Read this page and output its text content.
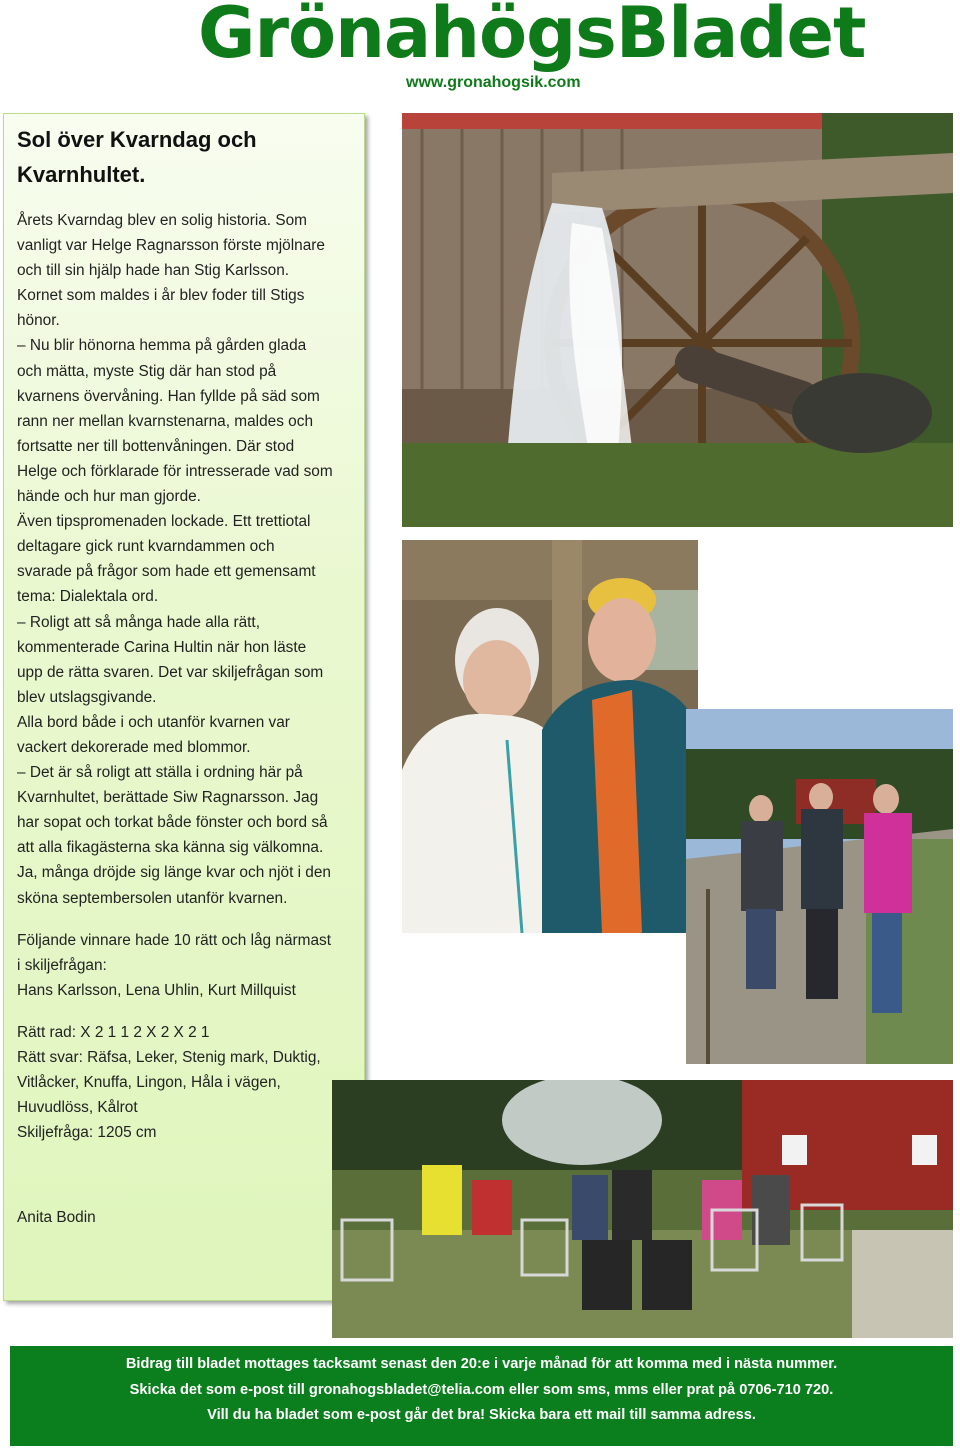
GrönahögsBladet
www.gronahogsik.com
Sol över Kvarndag och
Kvarnhultet.

Årets Kvarndag blev en solig historia. Som

vanligt var Helge Ragnarsson förste mjölnare

och till sin hjälp hade han Stig Karlsson.

Kornet som maldes i år blev foder till Stigs

hönor.

– Nu blir hönorna hemma på gården glada

och mätta, myste Stig där han stod på

kvarnens övervåning. Han fyllde på säd som

rann ner mellan kvarnstenarna, maldes och

fortsatte ner till bottenvåningen. Där stod

Helge och förklarade för intresserade vad som

hände och hur man gjorde.

Även tipspromenaden lockade. Ett trettiotal

deltagare gick runt kvarndammen och

svarade på frågor som hade ett gemensamt

tema: Dialektala ord.

– Roligt att så många hade alla rätt,

kommenterade Carina Hultin när hon läste

upp de rätta svaren. Det var skiljefrågan som

blev utslagsgivande.

Alla bord både i och utanför kvarnen var

vackert dekorerade med blommor.

– Det är så roligt att ställa i ordning här på

Kvarnhultet, berättade Siw Ragnarsson. Jag

har sopat och torkat både fönster och bord så

att alla fikagästerna ska känna sig välkomna.

Ja, många dröjde sig länge kvar och njöt i den

sköna septembersolen utanför kvarnen.

Följande vinnare hade 10 rätt och låg närmast

i skiljefrågan:

Hans Karlsson, Lena Uhlin, Kurt Millquist

Rätt rad: X 2 1 1 2 X 2 X 2 1

Rätt svar: Räfsa, Leker, Stenig mark, Duktig,

Vitlåcker, Knuffa, Lingon, Håla i vägen,

Huvudlöss, Kålrot

Skiljefråga: 1205 cm

Anita Bodin

Bidrag till bladet mottages tacksamt senast den 20:e i varje månad för att komma med i nästa nummer.
Skicka det som e-post till gronahogsbladet@telia.com eller som sms, mms eller prat på 0706-710 720.
Vill du ha bladet som e-post går det bra! Skicka bara ett mail till samma adress.
